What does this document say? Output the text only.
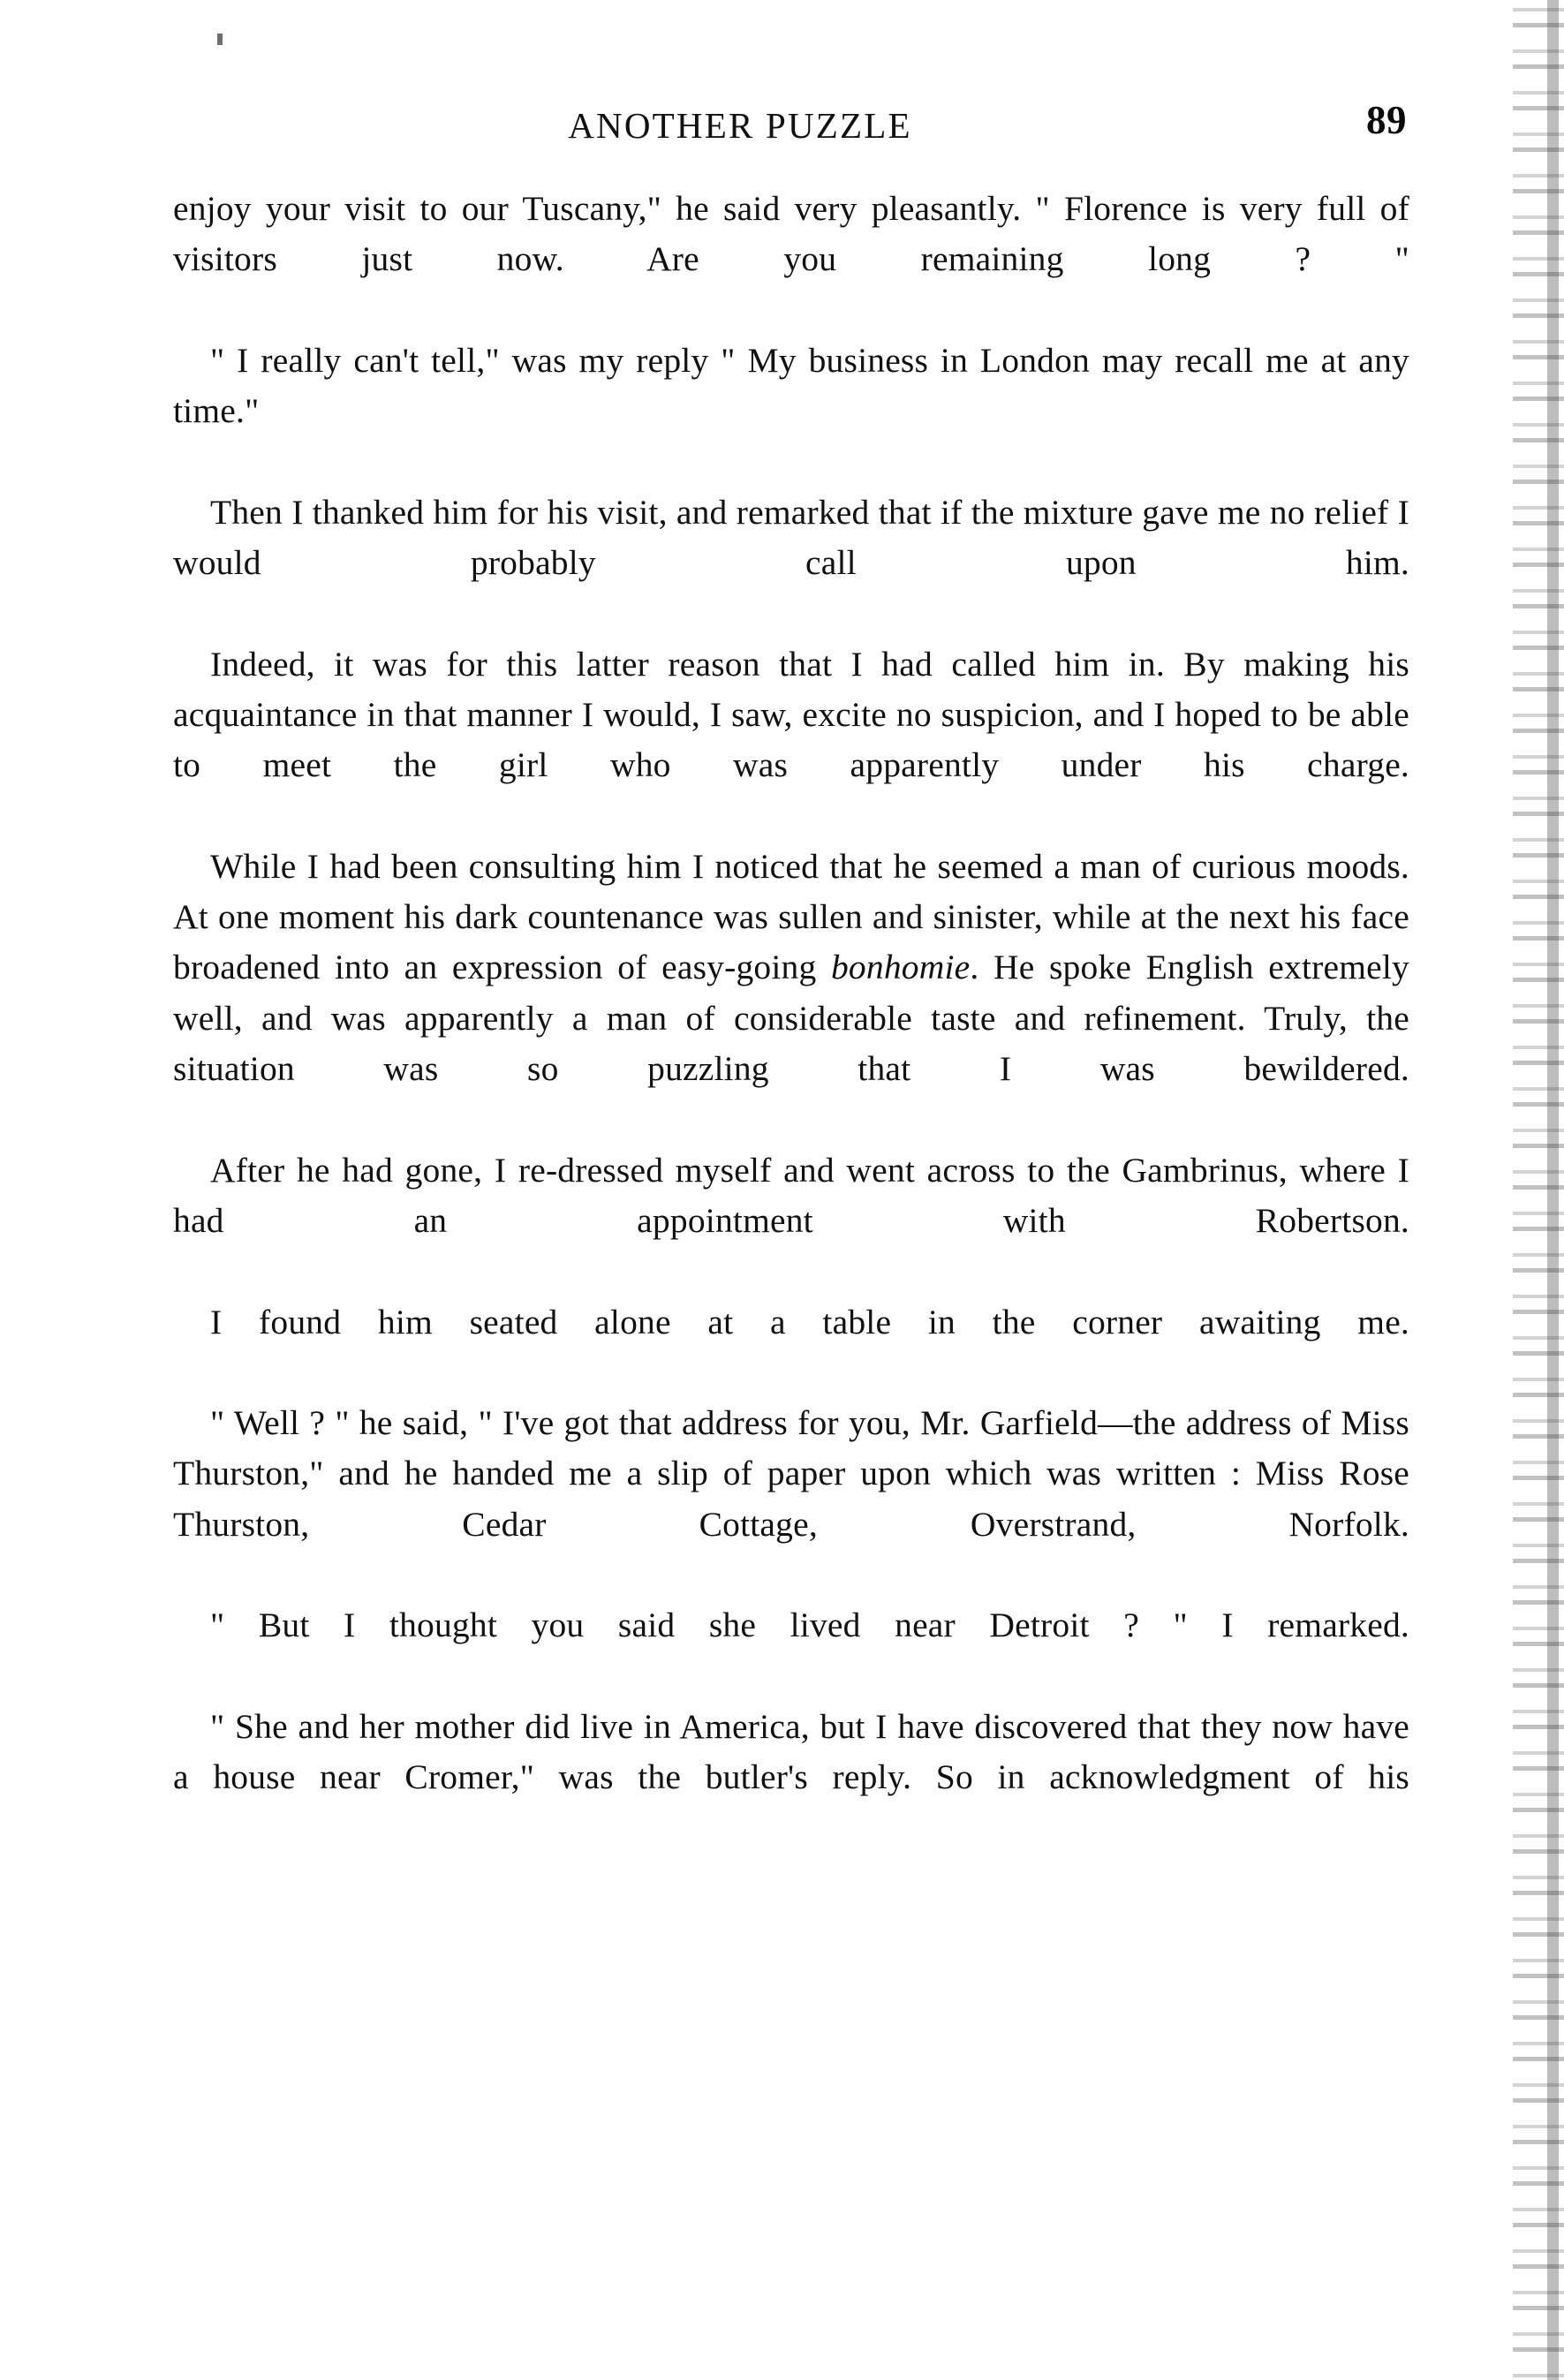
ANOTHER PUZZLE	89

enjoy your visit to our Tuscany," he said very pleasantly. " Florence is very full of visitors just now. Are you remaining long ? "

" I really can't tell," was my reply " My business in London may recall me at any time."

Then I thanked him for his visit, and remarked that if the mixture gave me no relief I would probably call upon him.

Indeed, it was for this latter reason that I had called him in. By making his acquaintance in that manner I would, I saw, excite no suspicion, and I hoped to be able to meet the girl who was apparently under his charge.

While I had been consulting him I noticed that he seemed a man of curious moods. At one moment his dark countenance was sullen and sinister, while at the next his face broadened into an expression of easy-going bonhomie. He spoke English extremely well, and was apparently a man of considerable taste and refinement. Truly, the situation was so puzzling that I was bewildered.

After he had gone, I re-dressed myself and went across to the Gambrinus, where I had an appointment with Robertson.

I found him seated alone at a table in the corner awaiting me.

" Well ? " he said, " I've got that address for you, Mr. Garfield—the address of Miss Thurston," and he handed me a slip of paper upon which was written : Miss Rose Thurston, Cedar Cottage, Overstrand, Norfolk.

" But I thought you said she lived near Detroit ? " I remarked.

" She and her mother did live in America, but I have discovered that they now have a house near Cromer," was the butler's reply. So in acknowledgment of his
